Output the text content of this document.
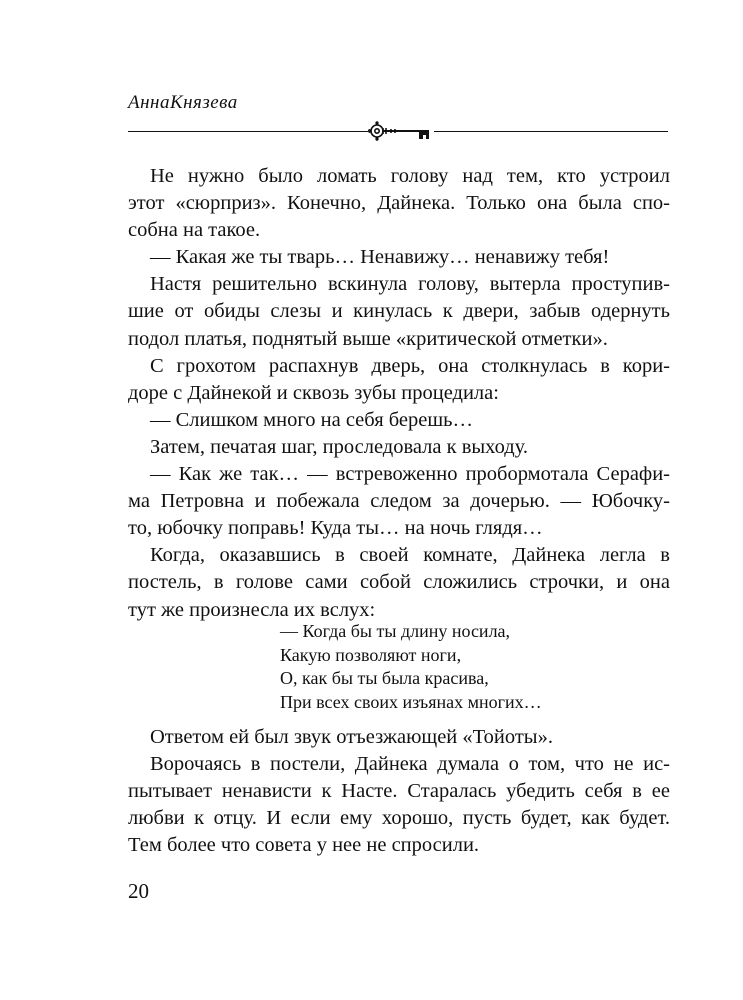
АннаКнязева

Не нужно было ломать голову над тем, кто устроил
этот «сюрприз». Конечно, Дайнека. Только она была спо-
собна на такое.

— Какая же ты тварь… Ненавижу… ненавижу тебя!

Настя решительно вскинула голову, вытерла проступив-
шие от обиды слезы и кинулась к двери, забыв одернуть
подол платья, поднятый выше «критической отметки».

С грохотом распахнув дверь, она столкнулась в кори-
доре с Дайнекой и сквозь зубы процедила:

— Слишком много на себя берешь…

Затем, печатая шаг, проследовала к выходу.

— Как же так… — встревоженно пробормотала Серафи-
ма Петровна и побежала следом за дочерью. — Юбочку-
то, юбочку поправь! Куда ты… на ночь глядя…

Когда, оказавшись в своей комнате, Дайнека легла в
постель, в голове сами собой сложились строчки, и она
тут же произнесла их вслух:

— Когда бы ты длину носила,
Какую позволяют ноги,
О, как бы ты была красива,
При всех своих изъянах многих…

Ответом ей был звук отъезжающей «Тойоты».

Ворочаясь в постели, Дайнека думала о том, что не ис-
пытывает ненависти к Насте. Старалась убедить себя в ее
любви к отцу. И если ему хорошо, пусть будет, как будет.
Тем более что совета у нее не спросили.

20
